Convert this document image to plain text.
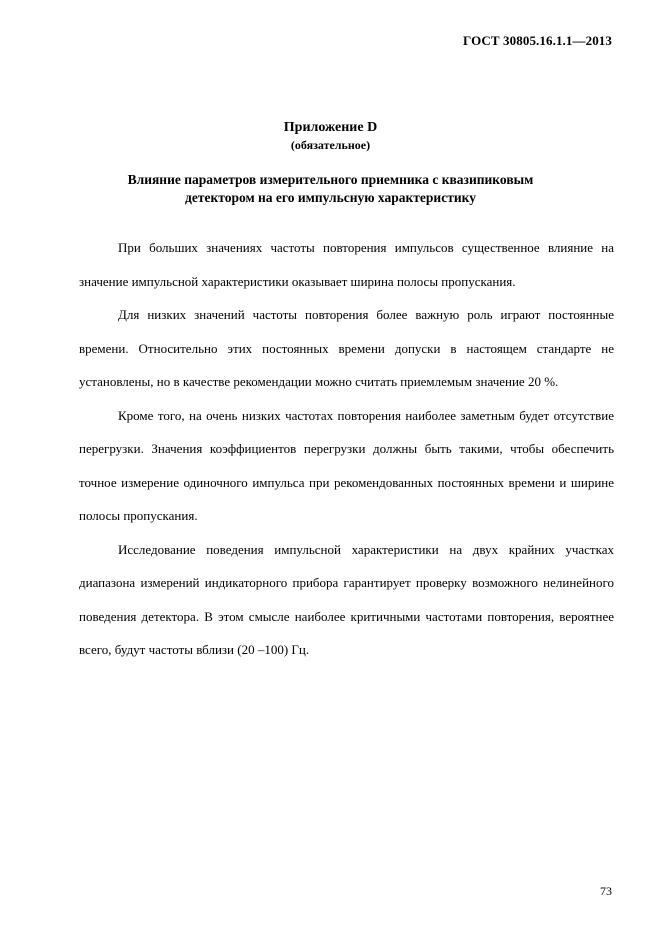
ГОСТ 30805.16.1.1—2013
Приложение D
(обязательное)
Влияние параметров измерительного приемника с квазипиковым
детектором на его импульсную характеристику

При больших значениях частоты повторения импульсов существенное влияние на значение импульсной характеристики оказывает ширина полосы пропускания.

Для низких значений частоты повторения более важную роль играют постоянные времени. Относительно этих постоянных времени допуски в настоящем стандарте не установлены, но в качестве рекомендации можно считать приемлемым значение 20 %.

Кроме того, на очень низких частотах повторения наиболее заметным будет отсутствие перегрузки. Значения коэффициентов перегрузки должны быть такими, чтобы обеспечить точное измерение одиночного импульса при рекомендованных постоянных времени и ширине полосы пропускания.

Исследование поведения импульсной характеристики на двух крайних участках диапазона измерений индикаторного прибора гарантирует проверку возможного нелинейного поведения детектора. В этом смысле наиболее критичными частотами повторения, вероятнее всего, будут частоты вблизи (20 –100) Гц.

73
